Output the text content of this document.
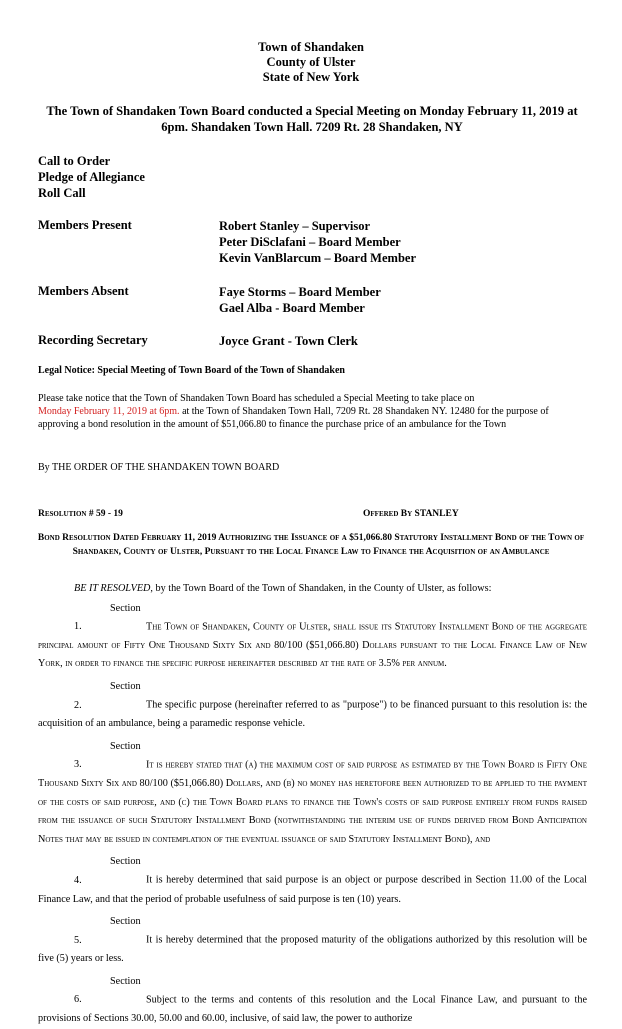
Town of Shandaken
County of Ulster
State of New York
The Town of Shandaken Town Board conducted a Special Meeting on Monday February 11, 2019 at 6pm. Shandaken Town Hall. 7209 Rt. 28 Shandaken, NY
Call to Order
Pledge of Allegiance
Roll Call
Members Present	Robert Stanley – Supervisor
Peter DiSclafani – Board Member
Kevin VanBlarcum – Board Member
Members Absent	Faye Storms – Board Member
Gael Alba - Board Member
Recording Secretary	Joyce Grant - Town Clerk
Legal Notice: Special Meeting of Town Board of the Town of Shandaken
Please take notice that the Town of Shandaken Town Board has scheduled a Special Meeting to take place on
Monday February 11, 2019 at 6pm. at the Town of Shandaken Town Hall, 7209 Rt. 28 Shandaken NY. 12480 for the purpose of approving a bond resolution in the amount of $51,066.80 to finance the purchase price of an ambulance for the Town
By THE ORDER OF THE SHANDAKEN TOWN BOARD
Resolution # 59 - 19	Offered By STANLEY
Bond Resolution Dated February 11, 2019 Authorizing the Issuance of a $51,066.80 Statutory Installment Bond of the Town of Shandaken, County of Ulster, Pursuant to the Local Finance Law to Finance the Acquisition of an Ambulance

BE IT RESOLVED, by the Town Board of the Town of Shandaken, in the County of Ulster, as follows:

Section 1.	The Town of Shandaken, County of Ulster, shall issue its Statutory Installment Bond of the aggregate principal amount of Fifty One Thousand Sixty Six and 80/100 ($51,066.80) Dollars pursuant to the Local Finance Law of New York, in order to finance the specific purpose hereinafter described at the rate of 3.5% per annum.

Section 2.	The specific purpose (hereinafter referred to as "purpose") to be financed pursuant to this resolution is: the acquisition of an ambulance, being a paramedic response vehicle.

Section 3.	It is hereby stated that (a) the maximum cost of said purpose as estimated by the Town Board is Fifty One Thousand Sixty Six and 80/100 ($51,066.80) Dollars, and (b) no money has heretofore been authorized to be applied to the payment of the costs of said purpose, and (c) the Town Board plans to finance the Town's costs of said purpose entirely from funds raised from the issuance of such Statutory Installment Bond (notwithstanding the interim use of funds derived from Bond Anticipation Notes that may be issued in contemplation of the eventual issuance of said Statutory Installment Bond), and

Section 4.	It is hereby determined that said purpose is an object or purpose described in Section 11.00 of the Local Finance Law, and that the period of probable usefulness of said purpose is ten (10) years.

Section 5.	It is hereby determined that the proposed maturity of the obligations authorized by this resolution will be five (5) years or less.

Section 6.	Subject to the terms and contents of this resolution and the Local Finance Law, and pursuant to the provisions of Sections 30.00, 50.00 and 60.00, inclusive, of said law, the power to authorize
